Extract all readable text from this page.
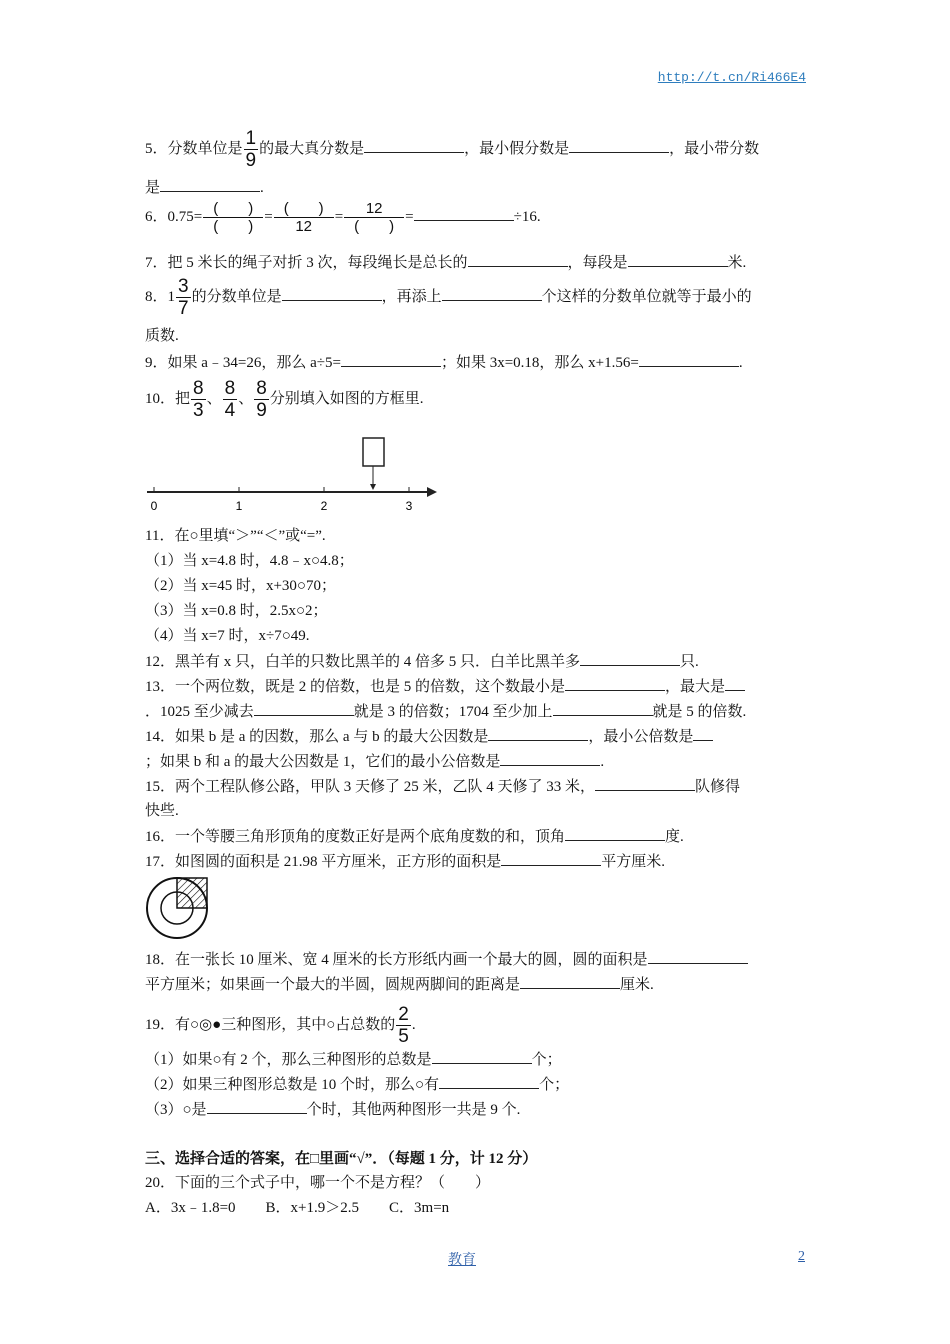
http://t.cn/Ri466E4
5．分数单位是 $\frac{1}{9}$ 的最大真分数是	，最小假分数是	，最小带分数
是	.
6．$0.75= \frac{( )}{( )} = \frac{( )}{12} = \frac{12}{( )}$ =	÷16.
7．把 5 米长的绳子对折 3 次，每段绳长是总长的	，每段是	米.
8．$1 \frac{3}{7}$ 的分数单位是	，再添上	个这样的分数单位就等于最小的
质数.
9．如果 a﹣34=26，那么 a÷5=	；如果 3x=0.18，那么 x+1.56=	.
10．把 $\frac{8}{3}$ 、 $\frac{8}{4}$ 、 $\frac{8}{9}$ 分别填入如图的方框里.
0	1	2	3
11．在○里填“＞”“＜”或“=”.
（1）当 x=4.8 时，4.8﹣x○4.8；
（2）当 x=45 时，x+30○70；
（3）当 x=0.8 时，2.5x○2；
（4）当 x=7 时，x÷7○49.
12．黑羊有 x 只，白羊的只数比黑羊的 4 倍多 5 只．白羊比黑羊多	只.
13．一个两位数，既是 2 的倍数，也是 5 的倍数，这个数最小是	，最大是
．1025 至少减去	就是 3 的倍数；1704 至少加上	就是 5 的倍数.
14．如果 b 是 a 的因数，那么 a 与 b 的最大公因数是	，最小公倍数是
；如果 b 和 a 的最大公因数是 1，它们的最小公倍数是	.
15．两个工程队修公路，甲队 3 天修了 25 米，乙队 4 天修了 33 米，	队修得
快些.
16．一个等腰三角形顶角的度数正好是两个底角度数的和，顶角	度.
17．如图圆的面积是 21.98 平方厘米，正方形的面积是	平方厘米.
18．在一张长 10 厘米、宽 4 厘米的长方形纸内画一个最大的圆，圆的面积是
平方厘米；如果画一个最大的半圆，圆规两脚间的距离是	厘米.
19．有○◎●三种图形，其中○占总数的 $\frac{2}{5}$ .
（1）如果○有 2 个，那么三种图形的总数是	个；
（2）如果三种图形总数是 10 个时，那么○有	个；
（3）○是	个时，其他两种图形一共是 9 个.
三、选择合适的答案，在□里画“√”．（每题 1 分，计 12 分）
20．下面的三个式子中，哪一个不是方程？（　　）
A．3x﹣1.8=0 B．x+1.9＞2.5 C．3m=n
教育	2
